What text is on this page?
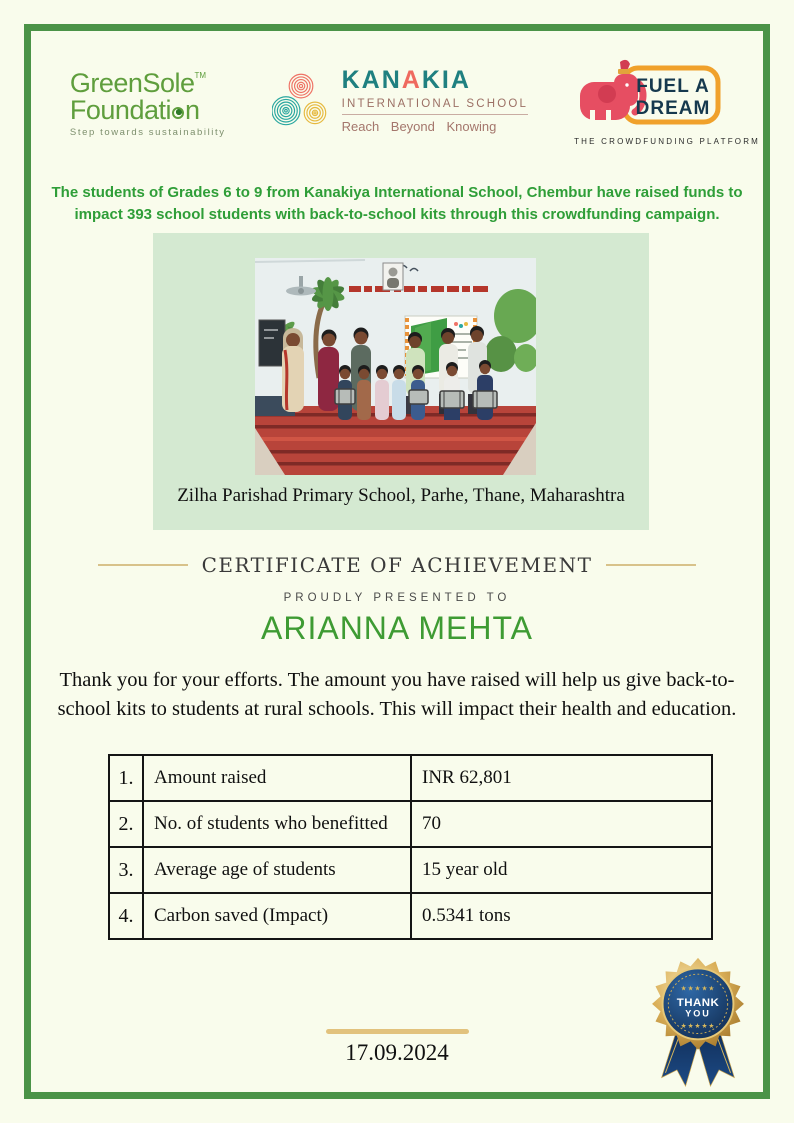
GreenSole™
Foundati n
Step towards sustainability
KANAKIA
INTERNATIONAL SCHOOL
Reach Beyond Knowing
FUEL A
DREAM
THE CROWDFUNDING PLATFORM
The students of Grades 6 to 9 from Kanakiya International School, Chembur have raised funds to
impact 393 school students with back-to-school kits through this crowdfunding campaign.
Zilha Parishad Primary School, Parhe, Thane, Maharashtra
CERTIFICATE OF ACHIEVEMENT
PROUDLY PRESENTED TO
ARIANNA MEHTA
Thank you for your efforts. The amount you have raised will help us give back-to-
school kits to students at rural schools. This will impact their health and education.
1.	Amount raised	INR 62,801
2.	No. of students who benefitted	70
3.	Average age of students	15 year old
4.	Carbon saved (Impact)	0.5341 tons
★★★★★
THANK
YOU
★★★★★
17.09.2024
